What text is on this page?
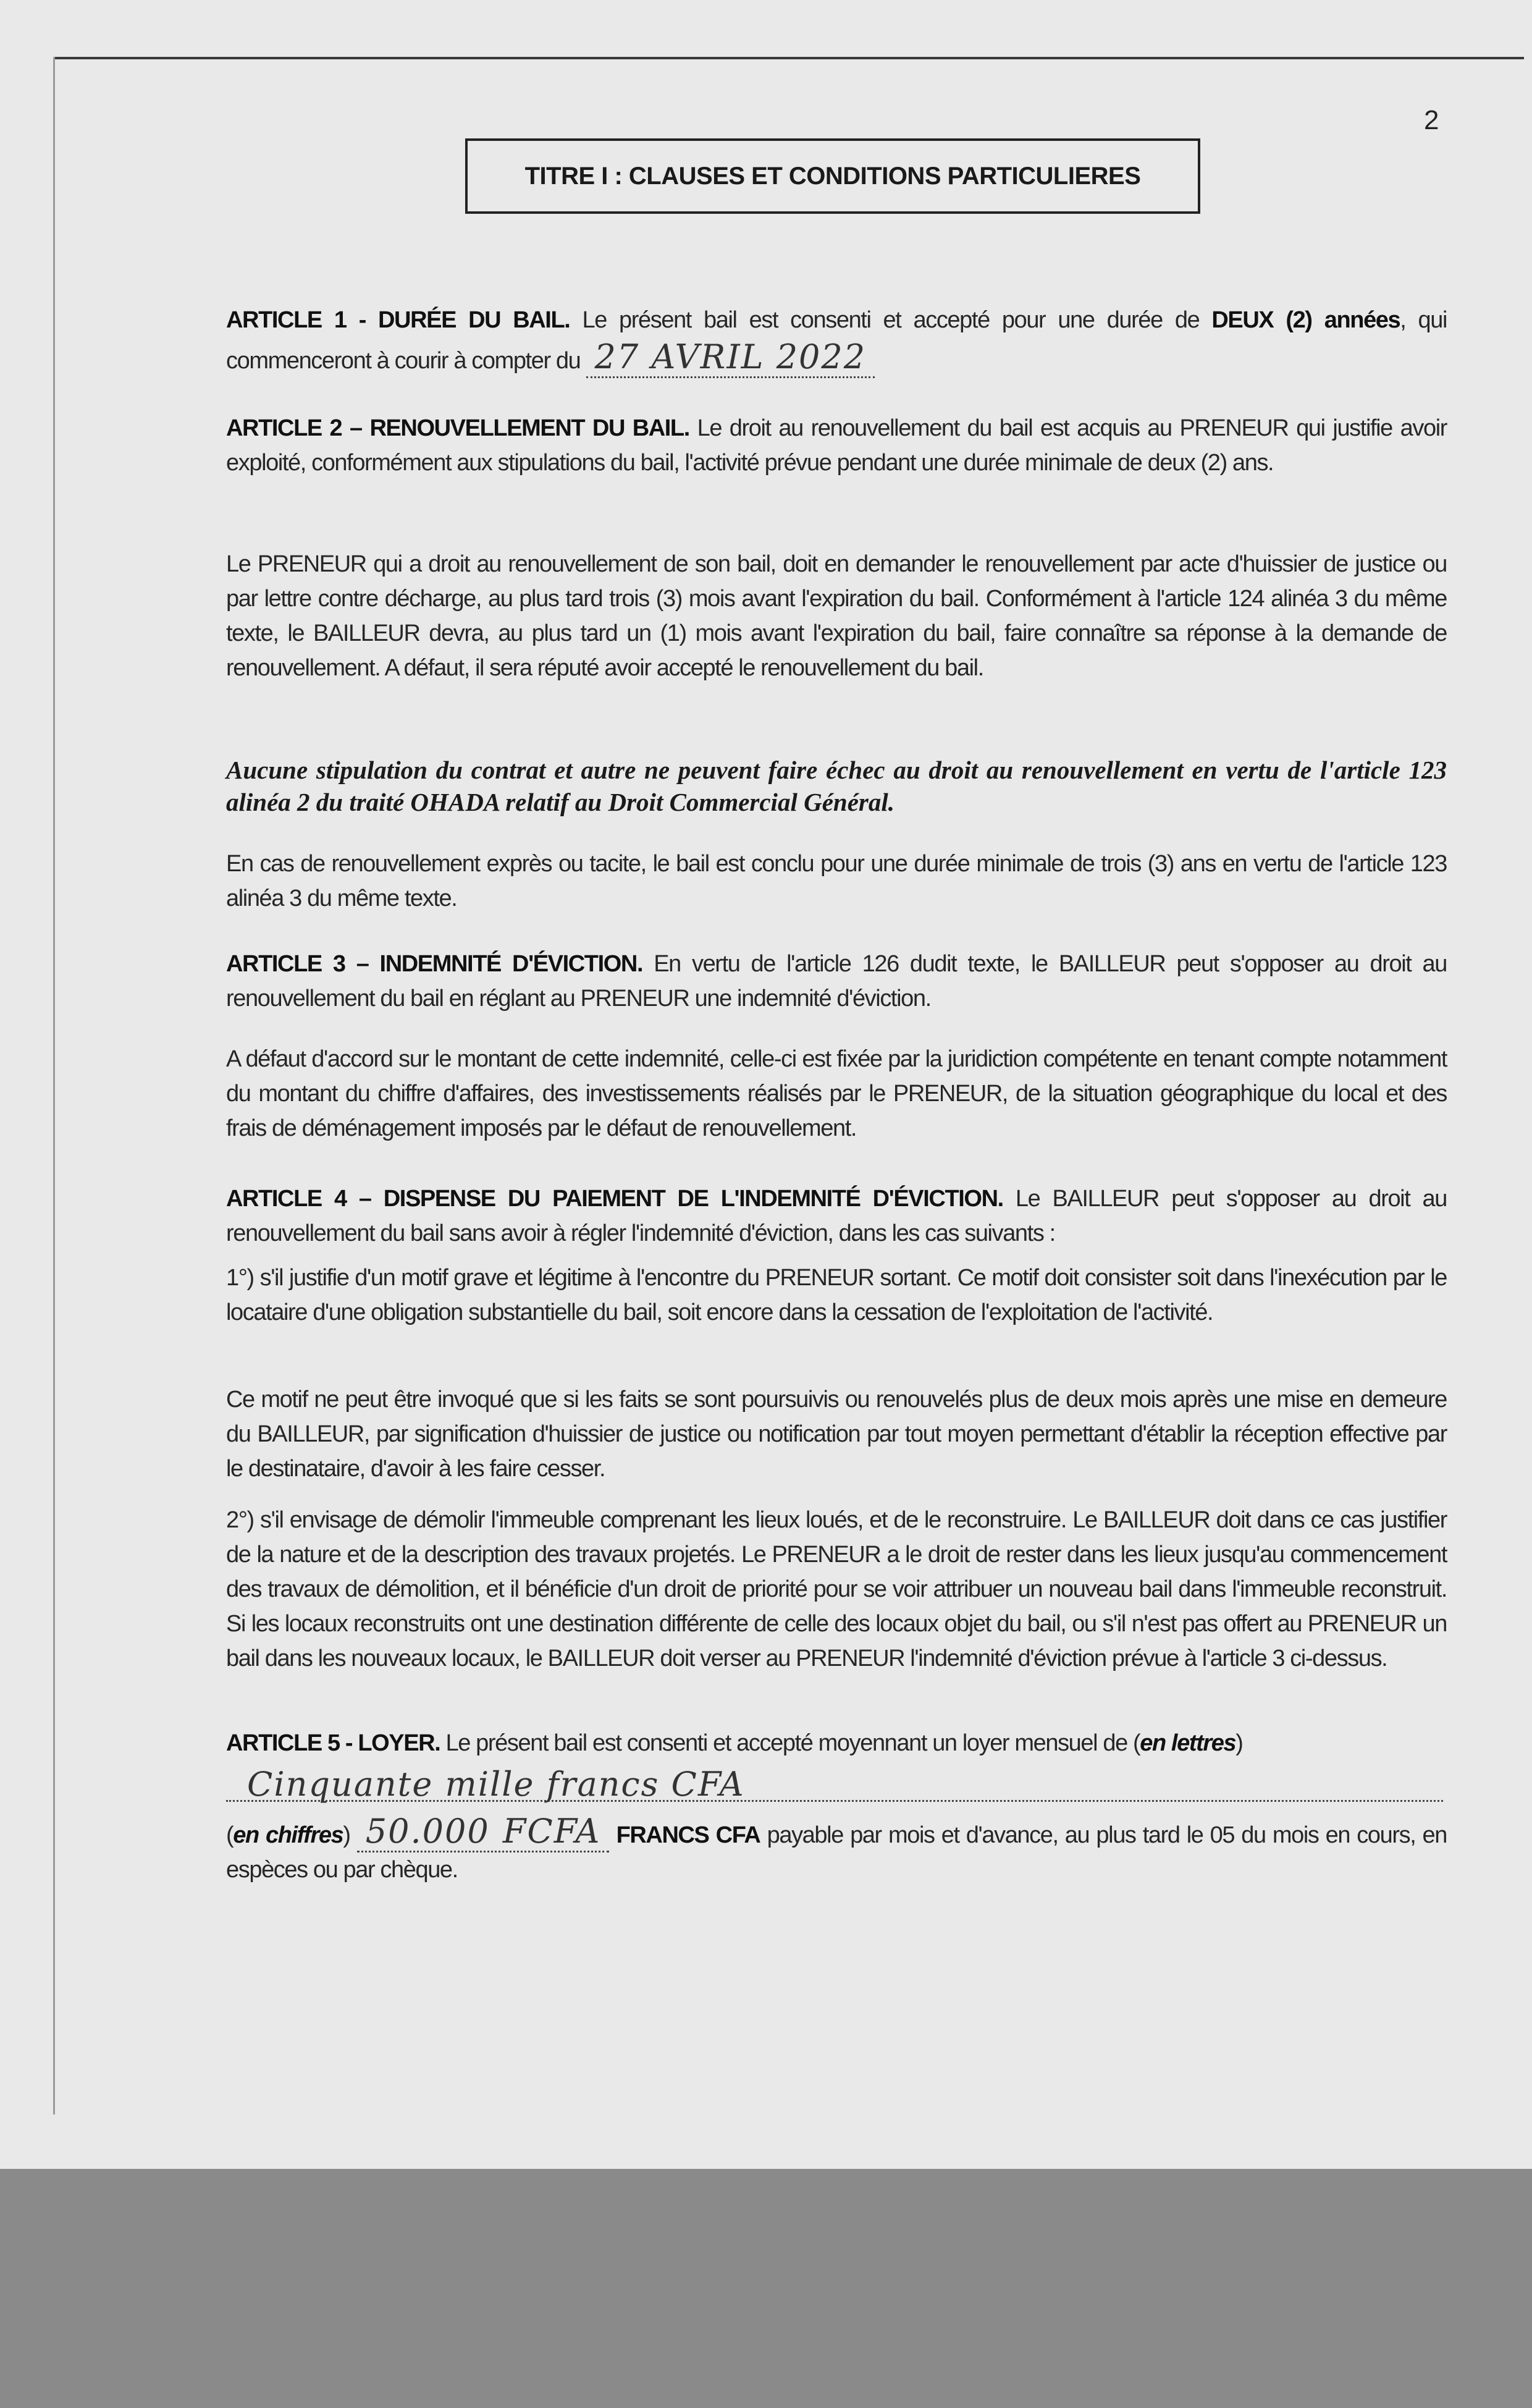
2
TITRE I : CLAUSES ET CONDITIONS PARTICULIERES
ARTICLE 1 - DURÉE DU BAIL. Le présent bail est consenti et accepté pour une durée de DEUX (2) années, qui commenceront à courir à compter du 27 AVRIL 2022
ARTICLE 2 – RENOUVELLEMENT DU BAIL. Le droit au renouvellement du bail est acquis au PRENEUR qui justifie avoir exploité, conformément aux stipulations du bail, l'activité prévue pendant une durée minimale de deux (2) ans.
Le PRENEUR qui a droit au renouvellement de son bail, doit en demander le renouvellement par acte d'huissier de justice ou par lettre contre décharge, au plus tard trois (3) mois avant l'expiration du bail. Conformément à l'article 124 alinéa 3 du même texte, le BAILLEUR devra, au plus tard un (1) mois avant l'expiration du bail, faire connaître sa réponse à la demande de renouvellement. A défaut, il sera réputé avoir accepté le renouvellement du bail.
Aucune stipulation du contrat et autre ne peuvent faire échec au droit au renouvellement en vertu de l'article 123 alinéa 2 du traité OHADA relatif au Droit Commercial Général.
En cas de renouvellement exprès ou tacite, le bail est conclu pour une durée minimale de trois (3) ans en vertu de l'article 123 alinéa 3 du même texte.
ARTICLE 3 – INDEMNITÉ D'ÉVICTION. En vertu de l'article 126 dudit texte, le BAILLEUR peut s'opposer au droit au renouvellement du bail en réglant au PRENEUR une indemnité d'éviction.
A défaut d'accord sur le montant de cette indemnité, celle-ci est fixée par la juridiction compétente en tenant compte notamment du montant du chiffre d'affaires, des investissements réalisés par le PRENEUR, de la situation géographique du local et des frais de déménagement imposés par le défaut de renouvellement.
ARTICLE 4 – DISPENSE DU PAIEMENT DE L'INDEMNITÉ D'ÉVICTION. Le BAILLEUR peut s'opposer au droit au renouvellement du bail sans avoir à régler l'indemnité d'éviction, dans les cas suivants :
1°) s'il justifie d'un motif grave et légitime à l'encontre du PRENEUR sortant. Ce motif doit consister soit dans l'inexécution par le locataire d'une obligation substantielle du bail, soit encore dans la cessation de l'exploitation de l'activité.
Ce motif ne peut être invoqué que si les faits se sont poursuivis ou renouvelés plus de deux mois après une mise en demeure du BAILLEUR, par signification d'huissier de justice ou notification par tout moyen permettant d'établir la réception effective par le destinataire, d'avoir à les faire cesser.
2°) s'il envisage de démolir l'immeuble comprenant les lieux loués, et de le reconstruire. Le BAILLEUR doit dans ce cas justifier de la nature et de la description des travaux projetés. Le PRENEUR a le droit de rester dans les lieux jusqu'au commencement des travaux de démolition, et il bénéficie d'un droit de priorité pour se voir attribuer un nouveau bail dans l'immeuble reconstruit. Si les locaux reconstruits ont une destination différente de celle des locaux objet du bail, ou s'il n'est pas offert au PRENEUR un bail dans les nouveaux locaux, le BAILLEUR doit verser au PRENEUR l'indemnité d'éviction prévue à l'article 3 ci-dessus.
ARTICLE 5 - LOYER. Le présent bail est consenti et accepté moyennant un loyer mensuel de (en lettres)

Cinquante mille francs CFA

(en chiffres) 50.000 FCFA FRANCS CFA payable par mois et d'avance, au plus tard le 05 du mois en cours, en espèces ou par chèque.
